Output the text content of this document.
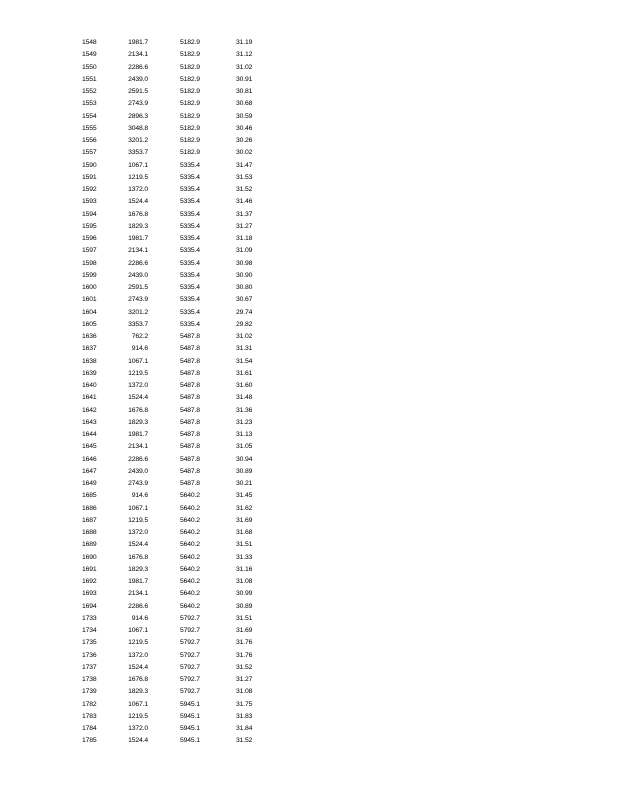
1548	1981.7	5182.9	31.19
1549	2134.1	5182.9	31.12
1550	2286.6	5182.9	31.02
1551	2439.0	5182.9	30.91
1552	2591.5	5182.9	30.81
1553	2743.9	5182.9	30.68
1554	2896.3	5182.9	30.59
1555	3048.8	5182.9	30.46
1556	3201.2	5182.9	30.26
1557	3353.7	5182.9	30.02
1590	1067.1	5335.4	31.47
1591	1219.5	5335.4	31.53
1592	1372.0	5335.4	31.52
1593	1524.4	5335.4	31.46
1594	1676.8	5335.4	31.37
1595	1829.3	5335.4	31.27
1596	1981.7	5335.4	31.18
1597	2134.1	5335.4	31.09
1598	2286.6	5335.4	30.98
1599	2439.0	5335.4	30.90
1600	2591.5	5335.4	30.80
1601	2743.9	5335.4	30.67
1604	3201.2	5335.4	29.74
1605	3353.7	5335.4	29.82
1636	762.2	5487.8	31.02
1637	914.6	5487.8	31.31
1638	1067.1	5487.8	31.54
1639	1219.5	5487.8	31.61
1640	1372.0	5487.8	31.60
1641	1524.4	5487.8	31.48
1642	1676.8	5487.8	31.36
1643	1829.3	5487.8	31.23
1644	1981.7	5487.8	31.13
1645	2134.1	5487.8	31.05
1646	2286.6	5487.8	30.94
1647	2439.0	5487.8	30.89
1649	2743.9	5487.8	30.21
1685	914.6	5640.2	31.45
1686	1067.1	5640.2	31.62
1687	1219.5	5640.2	31.69
1688	1372.0	5640.2	31.68
1689	1524.4	5640.2	31.51
1690	1676.8	5640.2	31.33
1691	1829.3	5640.2	31.16
1692	1981.7	5640.2	31.08
1693	2134.1	5640.2	30.99
1694	2286.6	5640.2	30.89
1733	914.6	5792.7	31.51
1734	1067.1	5792.7	31.69
1735	1219.5	5792.7	31.76
1736	1372.0	5792.7	31.76
1737	1524.4	5792.7	31.52
1738	1676.8	5792.7	31.27
1739	1829.3	5792.7	31.08
1782	1067.1	5945.1	31.75
1783	1219.5	5945.1	31.83
1784	1372.0	5945.1	31.84
1785	1524.4	5945.1	31.52
